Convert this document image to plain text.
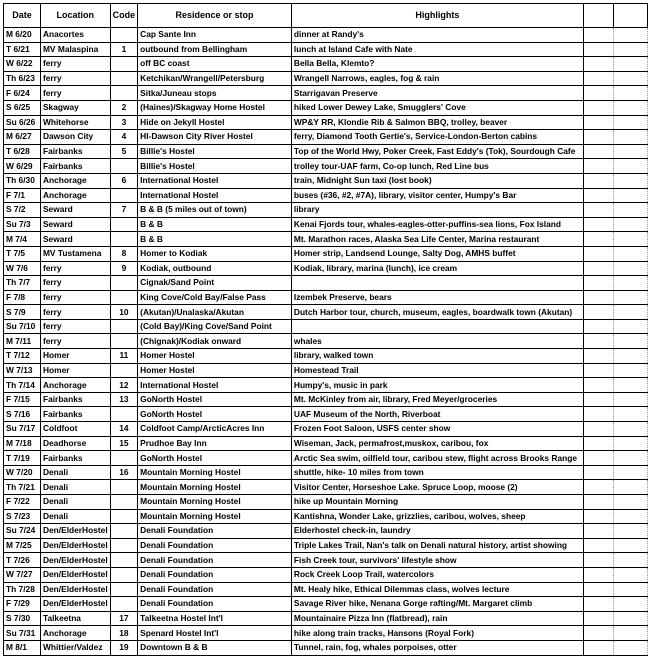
Date	Location	Code	Residence or stop	Highlights		
M 6/20	Anacortes		Cap Sante Inn	dinner at Randy's		
T 6/21	MV Malaspina	1	outbound from Bellingham	lunch at Island Cafe with Nate		
W 6/22	ferry		off BC coast	Bella Bella, Klemto?		
Th 6/23	ferry		Ketchikan/Wrangell/Petersburg	Wrangell Narrows, eagles, fog & rain		
F 6/24	ferry		Sitka/Juneau stops	Starrigavan Preserve		
S 6/25	Skagway	2	(Haines)/Skagway Home Hostel	hiked Lower Dewey Lake, Smugglers' Cove		
Su 6/26	Whitehorse	3	Hide on Jekyll Hostel	WP&Y RR, Klondie Rib & Salmon BBQ, trolley, beaver		
M 6/27	Dawson City	4	HI-Dawson City River Hostel	ferry, Diamond Tooth Gertie's, Service-London-Berton cabins		
T 6/28	Fairbanks	5	Billie's Hostel	Top of the World Hwy, Poker Creek, Fast Eddy's (Tok), Sourdough Cafe		
W 6/29	Fairbanks		Billie's Hostel	trolley tour-UAF farm, Co-op lunch, Red Line bus		
Th 6/30	Anchorage	6	International Hostel	train, Midnight Sun taxi (lost book)		
F 7/1	Anchorage		International Hostel	buses (#36, #2, #7A), library, visitor center, Humpy's Bar		
S 7/2	Seward	7	B & B (5 miles out of town)	library		
Su 7/3	Seward		B & B	Kenai Fjords tour, whales-eagles-otter-puffins-sea lions, Fox Island		
M 7/4	Seward		B & B	Mt. Marathon races, Alaska Sea Life Center, Marina restaurant		
T 7/5	MV Tustamena	8	Homer to Kodiak	Homer strip, Landsend Lounge, Salty Dog, AMHS buffet		
W 7/6	ferry	9	Kodiak, outbound	Kodiak, library, marina (lunch), ice cream		
Th 7/7	ferry		Cignak/Sand Point			
F 7/8	ferry		King Cove/Cold Bay/False Pass	Izembek Preserve, bears		
S 7/9	ferry	10	(Akutan)/Unalaska/Akutan	Dutch Harbor tour, church, museum, eagles, boardwalk town (Akutan)		
Su 7/10	ferry		(Cold Bay)/King Cove/Sand Point			
M 7/11	ferry		(Chignak)/Kodiak onward	whales		
T 7/12	Homer	11	Homer Hostel	library, walked town		
W 7/13	Homer		Homer Hostel	Homestead Trail		
Th 7/14	Anchorage	12	International Hostel	Humpy's, music in park		
F 7/15	Fairbanks	13	GoNorth Hostel	Mt. McKinley from air, library, Fred Meyer/groceries		
S 7/16	Fairbanks		GoNorth Hostel	UAF Museum of the North, Riverboat		
Su 7/17	Coldfoot	14	Coldfoot Camp/ArcticAcres Inn	Frozen Foot Saloon, USFS center show		
M 7/18	Deadhorse	15	Prudhoe Bay Inn	Wiseman, Jack, permafrost,muskox, caribou, fox		
T 7/19	Fairbanks		GoNorth Hostel	Arctic Sea swim, oilfield tour, caribou stew, flight across Brooks Range		
W 7/20	Denali	16	Mountain Morning Hostel	shuttle, hike- 10 miles from town		
Th 7/21	Denali		Mountain Morning Hostel	Visitor Center, Horseshoe Lake. Spruce Loop, moose (2)		
F 7/22	Denali		Mountain Morning Hostel	hike up Mountain Morning		
S 7/23	Denali		Mountain Morning Hostel	Kantishna, Wonder Lake, grizzlies, caribou, wolves, sheep		
Su 7/24	Den/ElderHostel		Denali Foundation	Elderhostel check-in, laundry		
M 7/25	Den/ElderHostel		Denali Foundation	Triple Lakes Trail, Nan's talk on Denali natural history, artist showing		
T 7/26	Den/ElderHostel		Denali Foundation	Fish Creek tour, survivors' lifestyle show		
W 7/27	Den/ElderHostel		Denali Foundation	Rock Creek Loop Trail, watercolors		
Th 7/28	Den/ElderHostel		Denali Foundation	Mt. Healy hike, Ethical Dilemmas class, wolves lecture		
F 7/29	Den/ElderHostel		Denali Foundation	Savage River hike, Nenana Gorge rafting/Mt. Margaret climb		
S 7/30	Talkeetna	17	Talkeetna Hostel Int'l	Mountainaire Pizza Inn (flatbread), rain		
Su 7/31	Anchorage	18	Spenard Hostel Int'l	hike along train tracks, Hansons (Royal Fork)		
M 8/1	Whittier/Valdez	19	Downtown B & B	Tunnel, rain, fog, whales porpoises, otter		
